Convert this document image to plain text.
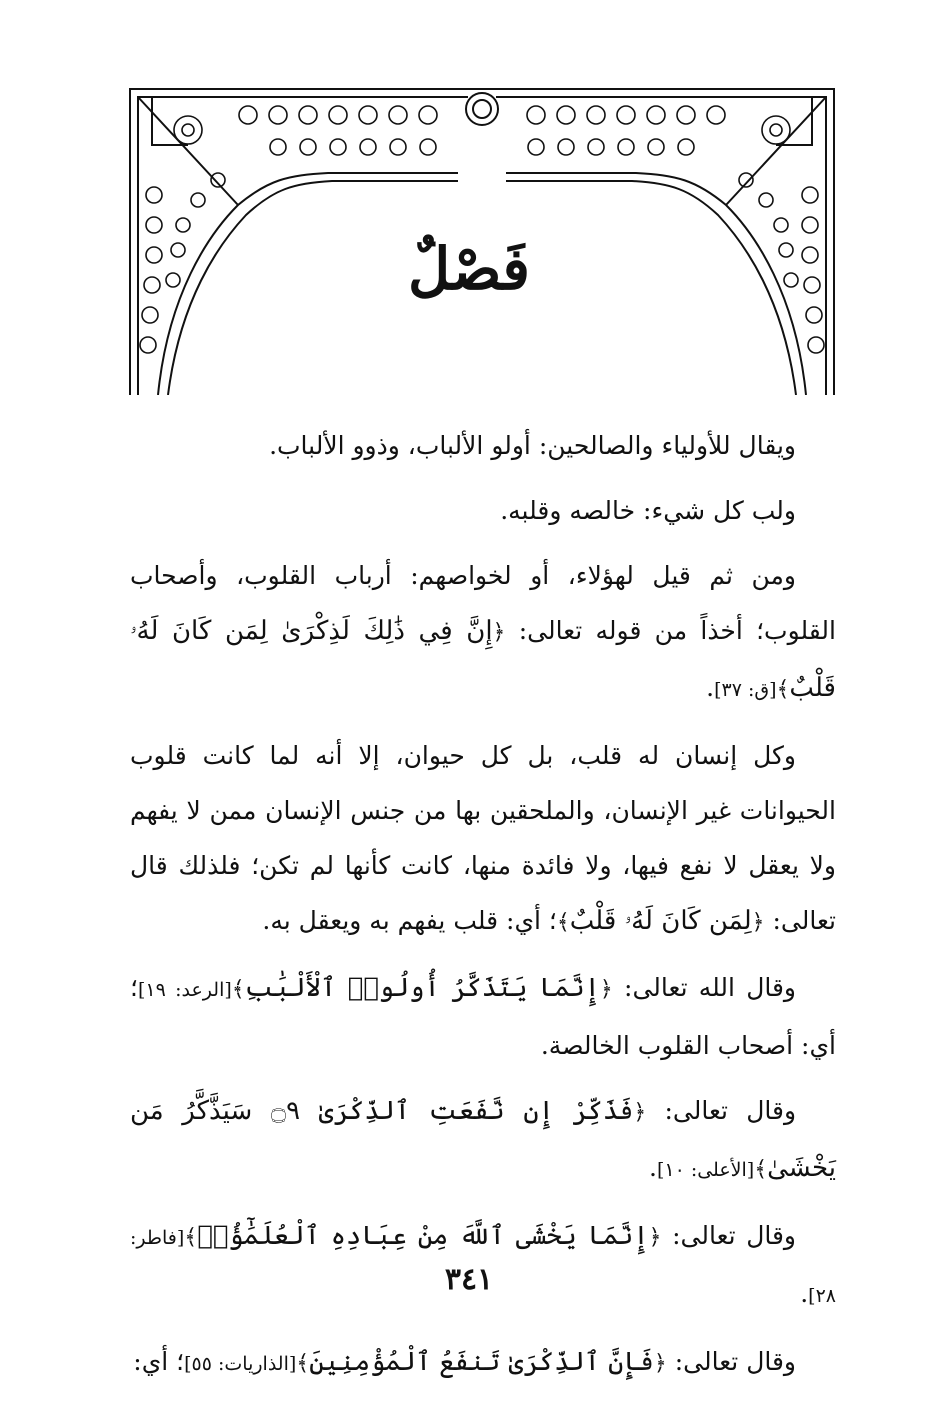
فَصْلٌ

ويقال للأولياء والصالحين: أولو الألباب، وذوو الألباب.

ولب كل شيء: خالصه وقلبه.

ومن ثم قيل لهؤلاء، أو لخواصهم: أرباب القلوب، وأصحاب القلوب؛ أخذاً من قوله تعالى: ﴿إِنَّ فِي ذَٰلِكَ لَذِكْرَىٰ لِمَن كَانَ لَهُۥ قَلْبٌ﴾[ق: ٣٧].

وكل إنسان له قلب، بل كل حيوان، إلا أنه لما كانت قلوب الحيوانات غير الإنسان، والملحقين بها من جنس الإنسان ممن لا يفهم ولا يعقل لا نفع فيها، ولا فائدة منها، كانت كأنها لم تكن؛ فلذلك قال تعالى: ﴿لِمَن كَانَ لَهُۥ قَلْبٌ﴾؛ أي: قلب يفهم به ويعقل به.

وقال الله تعالى: ﴿إِنَّمَا يَتَذَكَّرُ أُولُوا۟ ٱلْأَلْبَٰبِ﴾[الرعد: ١٩]؛ أي: أصحاب القلوب الخالصة.

وقال تعالى: ﴿فَذَكِّرْ إِن نَّفَعَتِ ٱلذِّكْرَىٰ ۝٩ سَيَذَّكَّرُ مَن يَخْشَىٰ﴾[الأعلى: ١٠].

وقال تعالى: ﴿إِنَّمَا يَخْشَى ٱللَّهَ مِنْ عِبَادِهِ ٱلْعُلَمَٰٓؤُا۟﴾[فاطر: ٢٨].

وقال تعالى: ﴿فَإِنَّ ٱلذِّكْرَىٰ تَنفَعُ ٱلْمُؤْمِنِينَ﴾[الذاريات: ٥٥]؛ أي:

٣٤١
